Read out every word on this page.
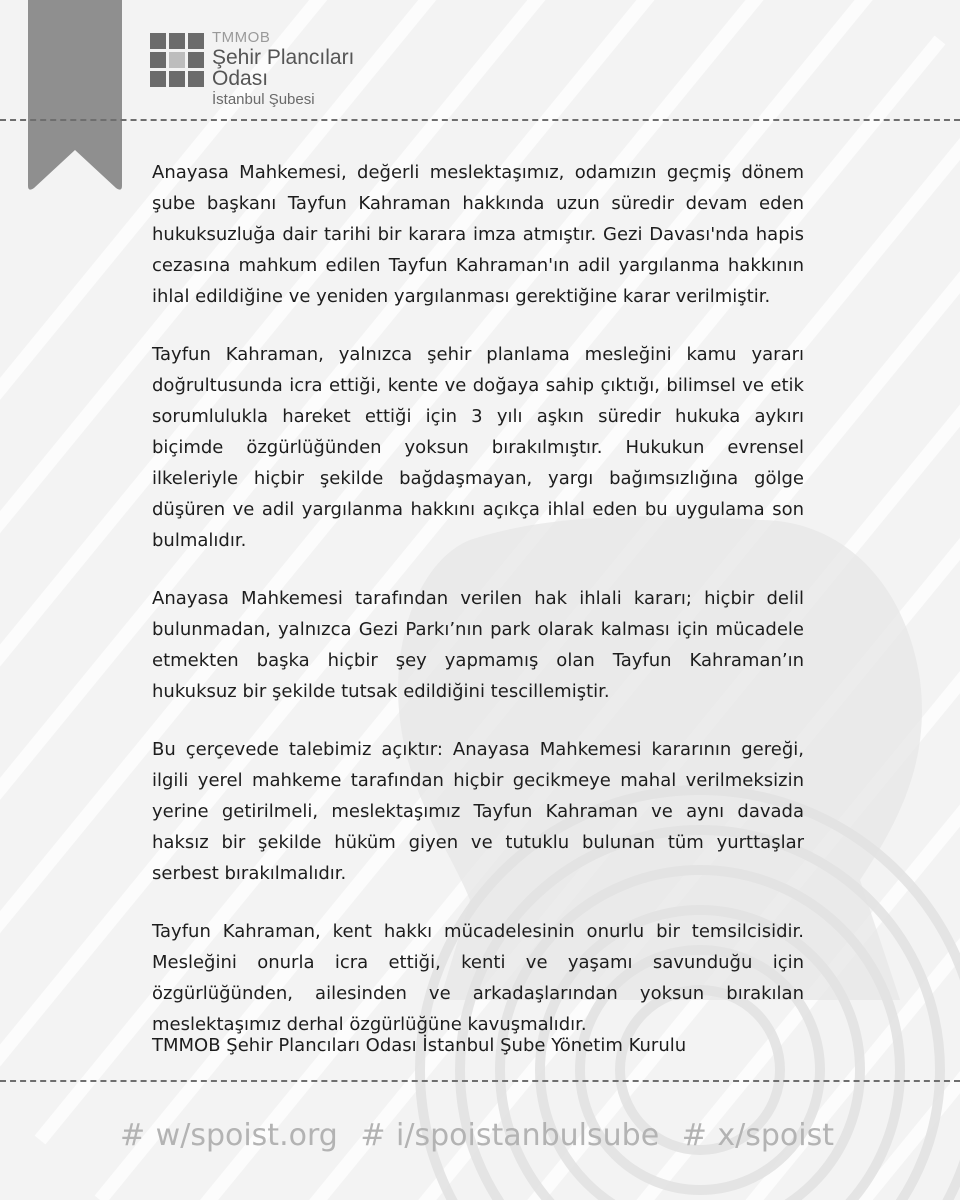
TMMOB
Şehir Plancıları Odası
İstanbul Şubesi

Anayasa Mahkemesi, değerli meslektaşımız, odamızın geçmiş dönem şube başkanı Tayfun Kahraman hakkında uzun süredir devam eden hukuksuzluğa dair tarihi bir karara imza atmıştır. Gezi Davası'nda hapis cezasına mahkum edilen Tayfun Kahraman'ın adil yargılanma hakkının ihlal edildiğine ve yeniden yargılanması gerektiğine karar verilmiştir.

Tayfun Kahraman, yalnızca şehir planlama mesleğini kamu yararı doğrultusunda icra ettiği, kente ve doğaya sahip çıktığı, bilimsel ve etik sorumlulukla hareket ettiği için 3 yılı aşkın süredir hukuka aykırı biçimde özgürlüğünden yoksun bırakılmıştır. Hukukun evrensel ilkeleriyle hiçbir şekilde bağdaşmayan, yargı bağımsızlığına gölge düşüren ve adil yargılanma hakkını açıkça ihlal eden bu uygulama son bulmalıdır.

Anayasa Mahkemesi tarafından verilen hak ihlali kararı; hiçbir delil bulunmadan, yalnızca Gezi Parkı’nın park olarak kalması için mücadele etmekten başka hiçbir şey yapmamış olan Tayfun Kahraman’ın hukuksuz bir şekilde tutsak edildiğini tescillemiştir.

Bu çerçevede talebimiz açıktır: Anayasa Mahkemesi kararının gereği, ilgili yerel mahkeme tarafından hiçbir gecikmeye mahal verilmeksizin yerine getirilmeli, meslektaşımız Tayfun Kahraman ve aynı davada haksız bir şekilde hüküm giyen ve tutuklu bulunan tüm yurttaşlar serbest bırakılmalıdır.

Tayfun Kahraman, kent hakkı mücadelesinin onurlu bir temsilcisidir. Mesleğini onurla icra ettiği, kenti ve yaşamı savunduğu için özgürlüğünden, ailesinden ve arkadaşlarından yoksun bırakılan meslektaşımız derhal özgürlüğüne kavuşmalıdır.

TMMOB Şehir Plancıları Odası İstanbul Şube Yönetim Kurulu

# w/spoist.org # i/spoistanbulsube # x/spoist
